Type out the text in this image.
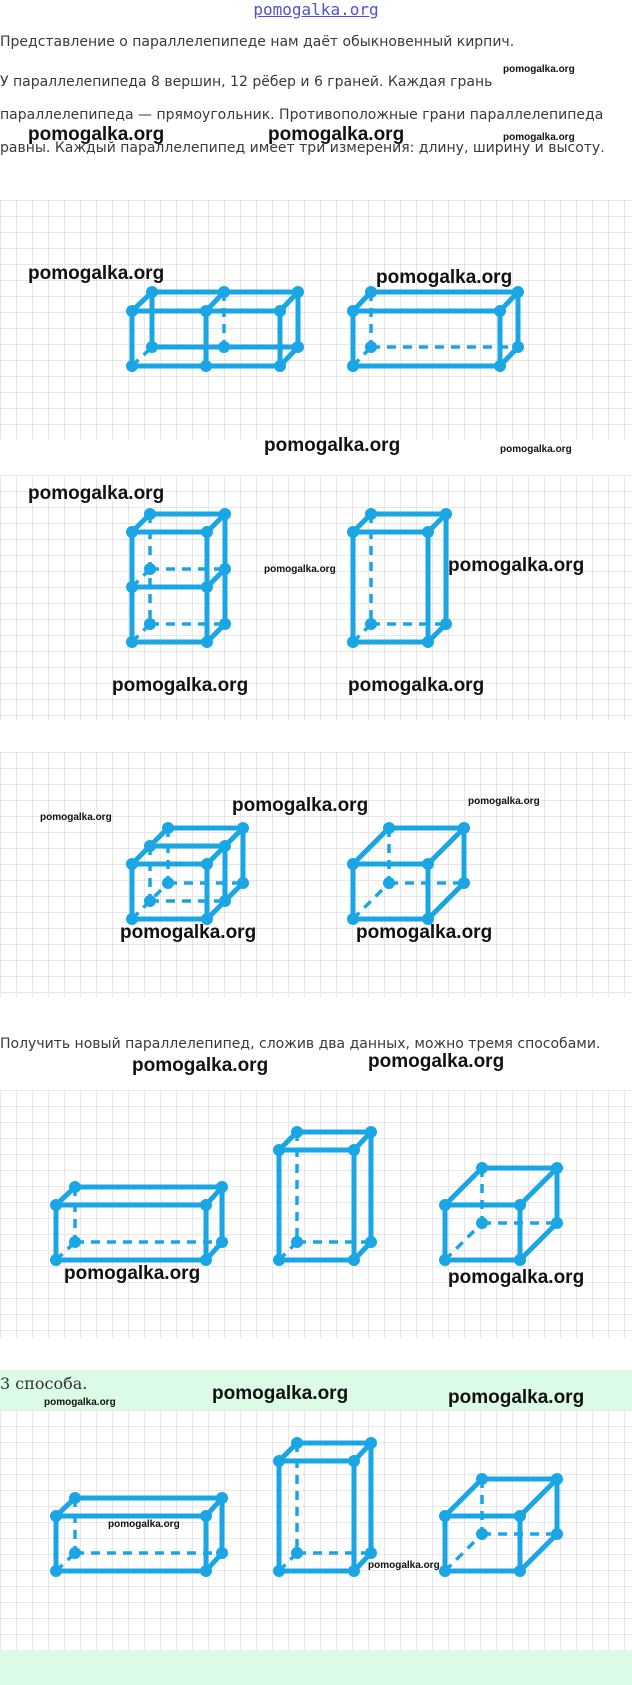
pomogalka.org

Представление о параллелепипеде нам даёт обыкновенный кирпич.

У параллелепипеда 8 вершин, 12 рёбер и 6 граней. Каждая грань параллелепипеда — прямоугольник. Противоположные грани параллелепипеда равны. Каждый параллелепипед имеет три измерения: длину, ширину и высоту.

Получить новый параллелепипед, сложив два данных, можно тремя способами.

3 способа.
pomogalka.org
pomogalka.org	pomogalka.org	pomogalka.org
pomogalka.org	pomogalka.org
pomogalka.org	pomogalka.org
pomogalka.org
pomogalka.org	pomogalka.org
pomogalka.org	pomogalka.org
pomogalka.org	pomogalka.org
pomogalka.org
pomogalka.org	pomogalka.org
pomogalka.org	pomogalka.org
pomogalka.org	pomogalka.org
pomogalka.org	pomogalka.org	pomogalka.org
pomogalka.org
pomogalka.org
